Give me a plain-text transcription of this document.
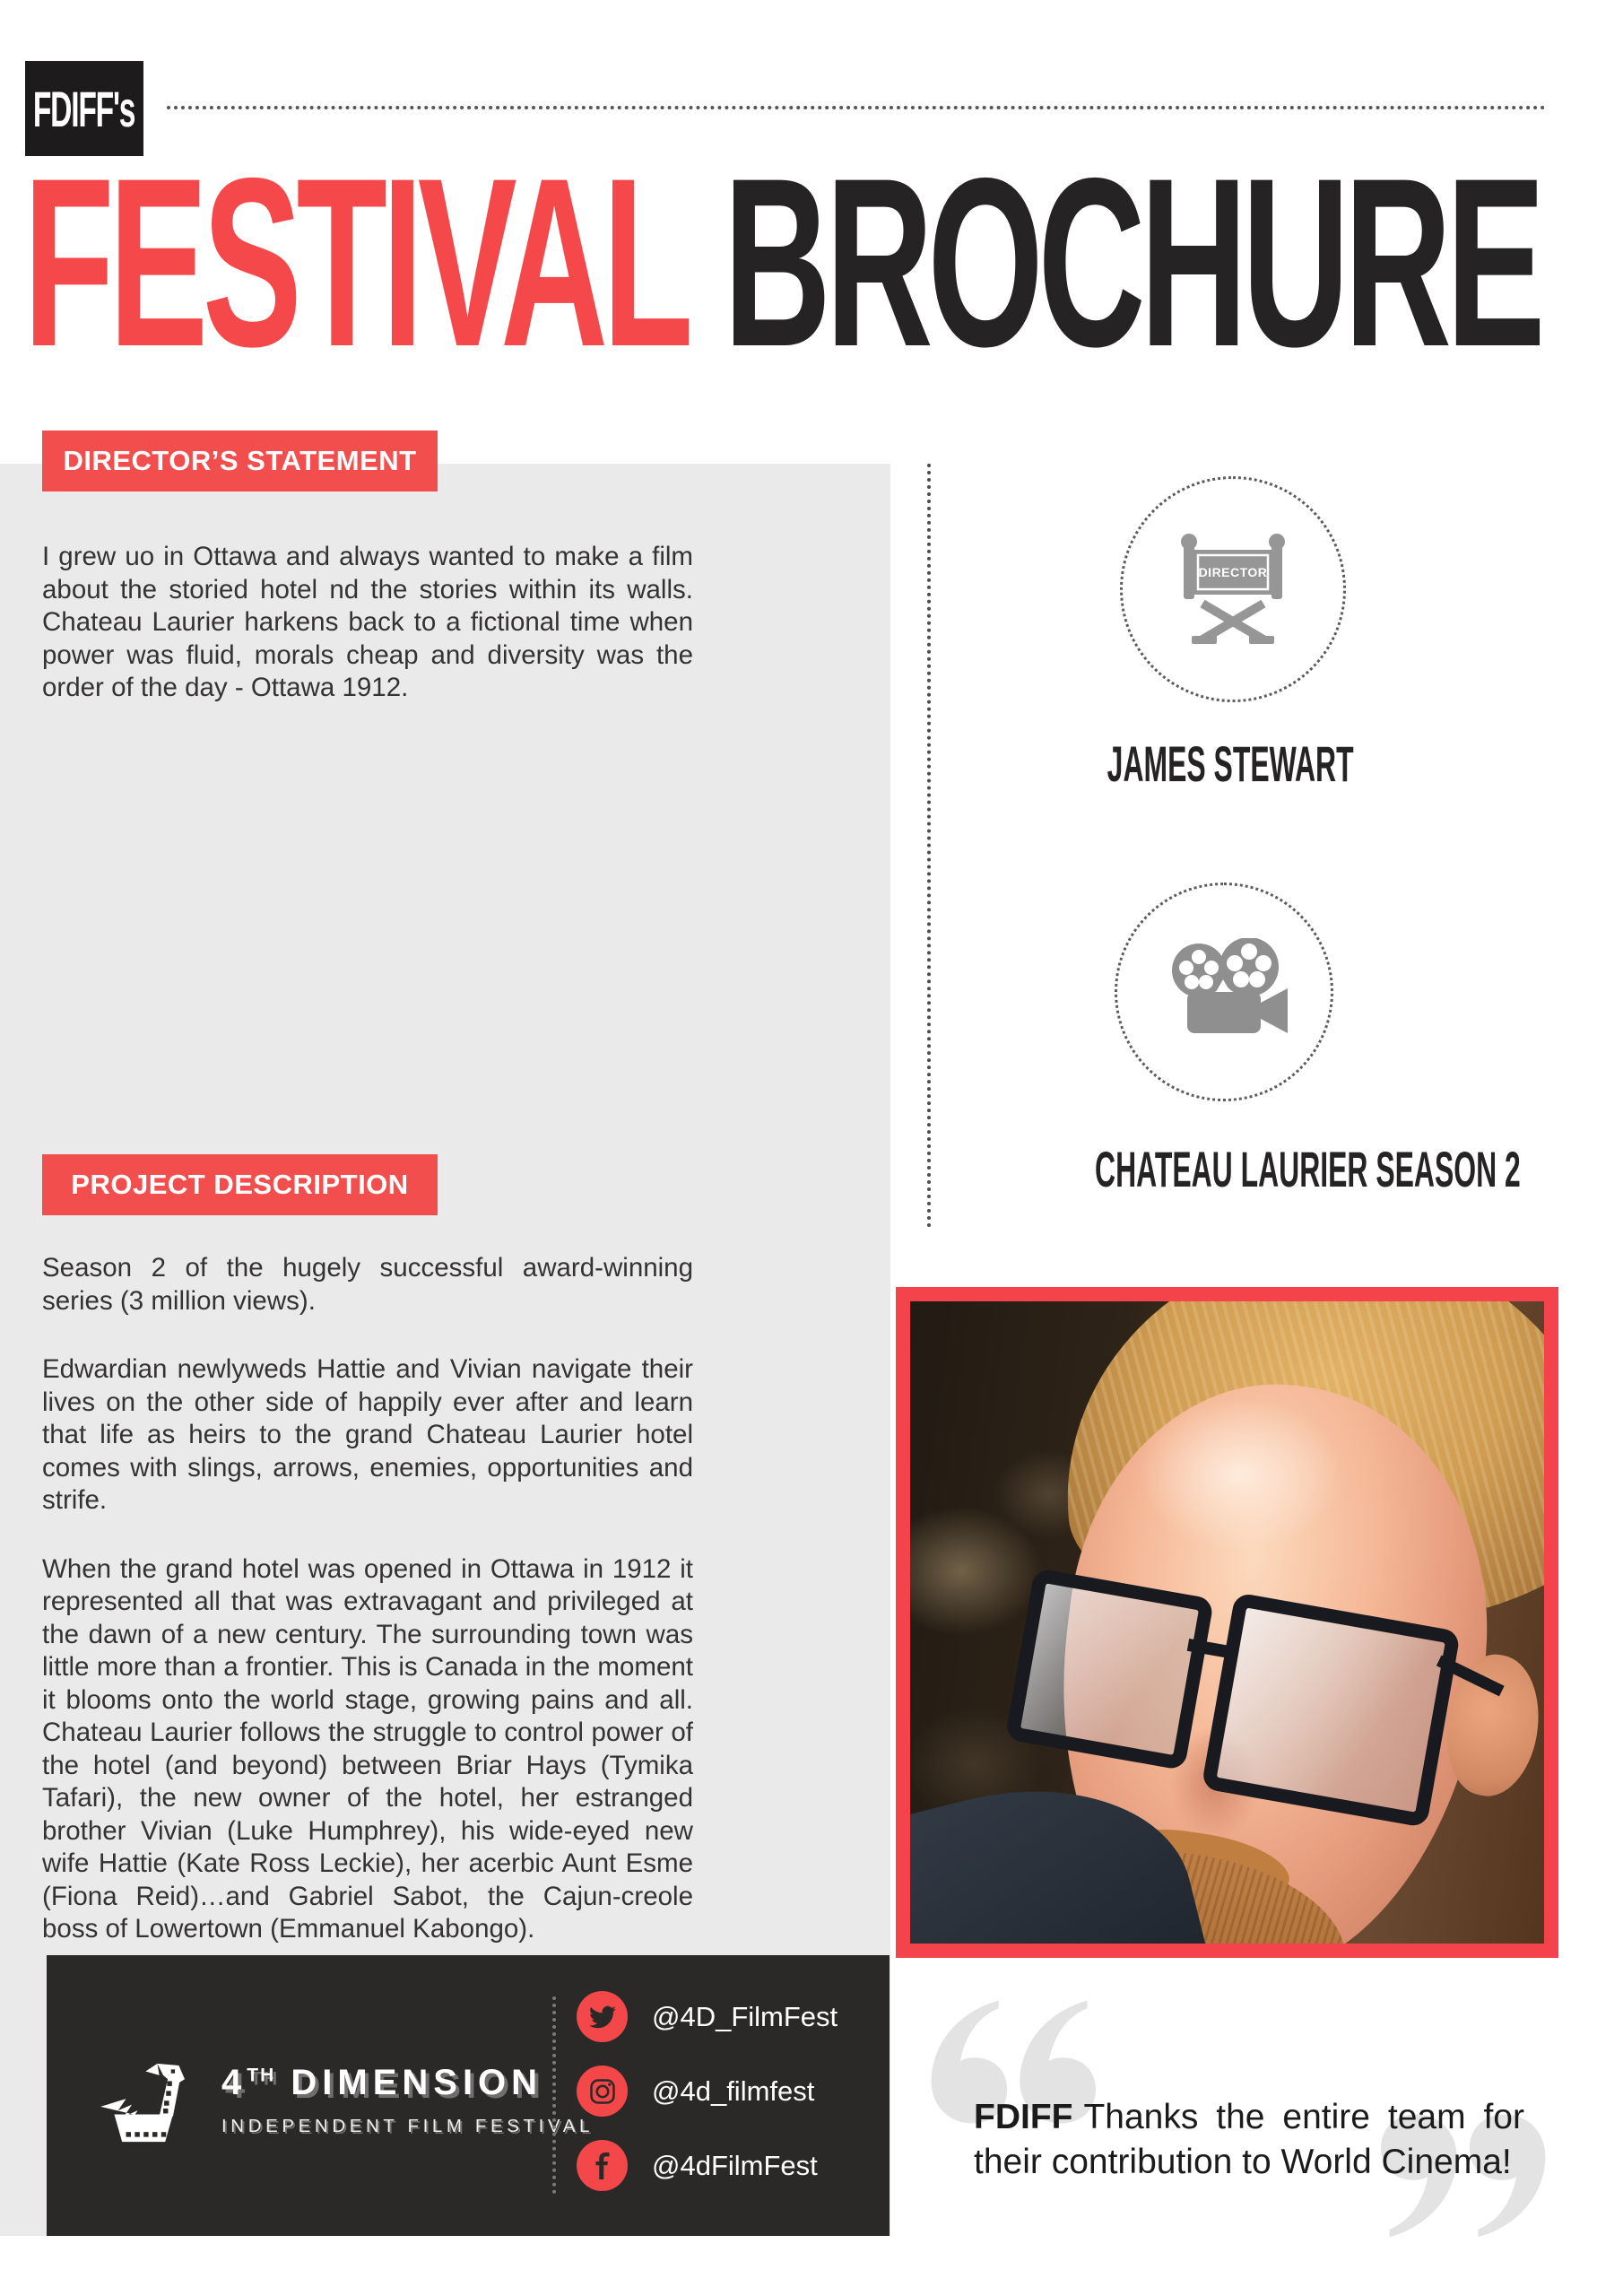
FDIFF's
FESTIVAL BROCHURE
DIRECTOR’S STATEMENT

I grew uo in Ottawa and always wanted to make a film about the storied hotel nd the stories within its walls. Chateau Laurier harkens back to a fictional time when power was fluid, morals cheap and diversity was the order of the day - Ottawa 1912.

PROJECT DESCRIPTION

Season 2 of the hugely successful award-winning series (3 million views).

Edwardian newlyweds Hattie and Vivian navigate their lives on the other side of happily ever after and learn that life as heirs to the grand Chateau Laurier hotel comes with slings, arrows, enemies, opportunities and strife.

When the grand hotel was opened in Ottawa in 1912 it represented all that was extravagant and privileged at the dawn of a new century. The surrounding town was little more than a frontier. This is Canada in the moment it blooms onto the world stage, growing pains and all. Chateau Laurier follows the struggle to control power of the hotel (and beyond) between Briar Hays (Tymika Tafari), the new owner of the hotel, her estranged brother Vivian (Luke Humphrey), his wide-eyed new wife Hattie (Kate Ross Leckie), her acerbic Aunt Esme (Fiona Reid)…and Gabriel Sabot, the Cajun-creole boss of Lowertown (Emmanuel Kabongo).

DIRECTOR
JAMES STEWART
CHATEAU LAURIER SEASON 2
FDIFF Thanks the entire team for their contribution to World Cinema!
4TH DIMENSION
INDEPENDENT FILM FESTIVAL
@4D_FilmFest
@4d_filmfest
@4dFilmFest
